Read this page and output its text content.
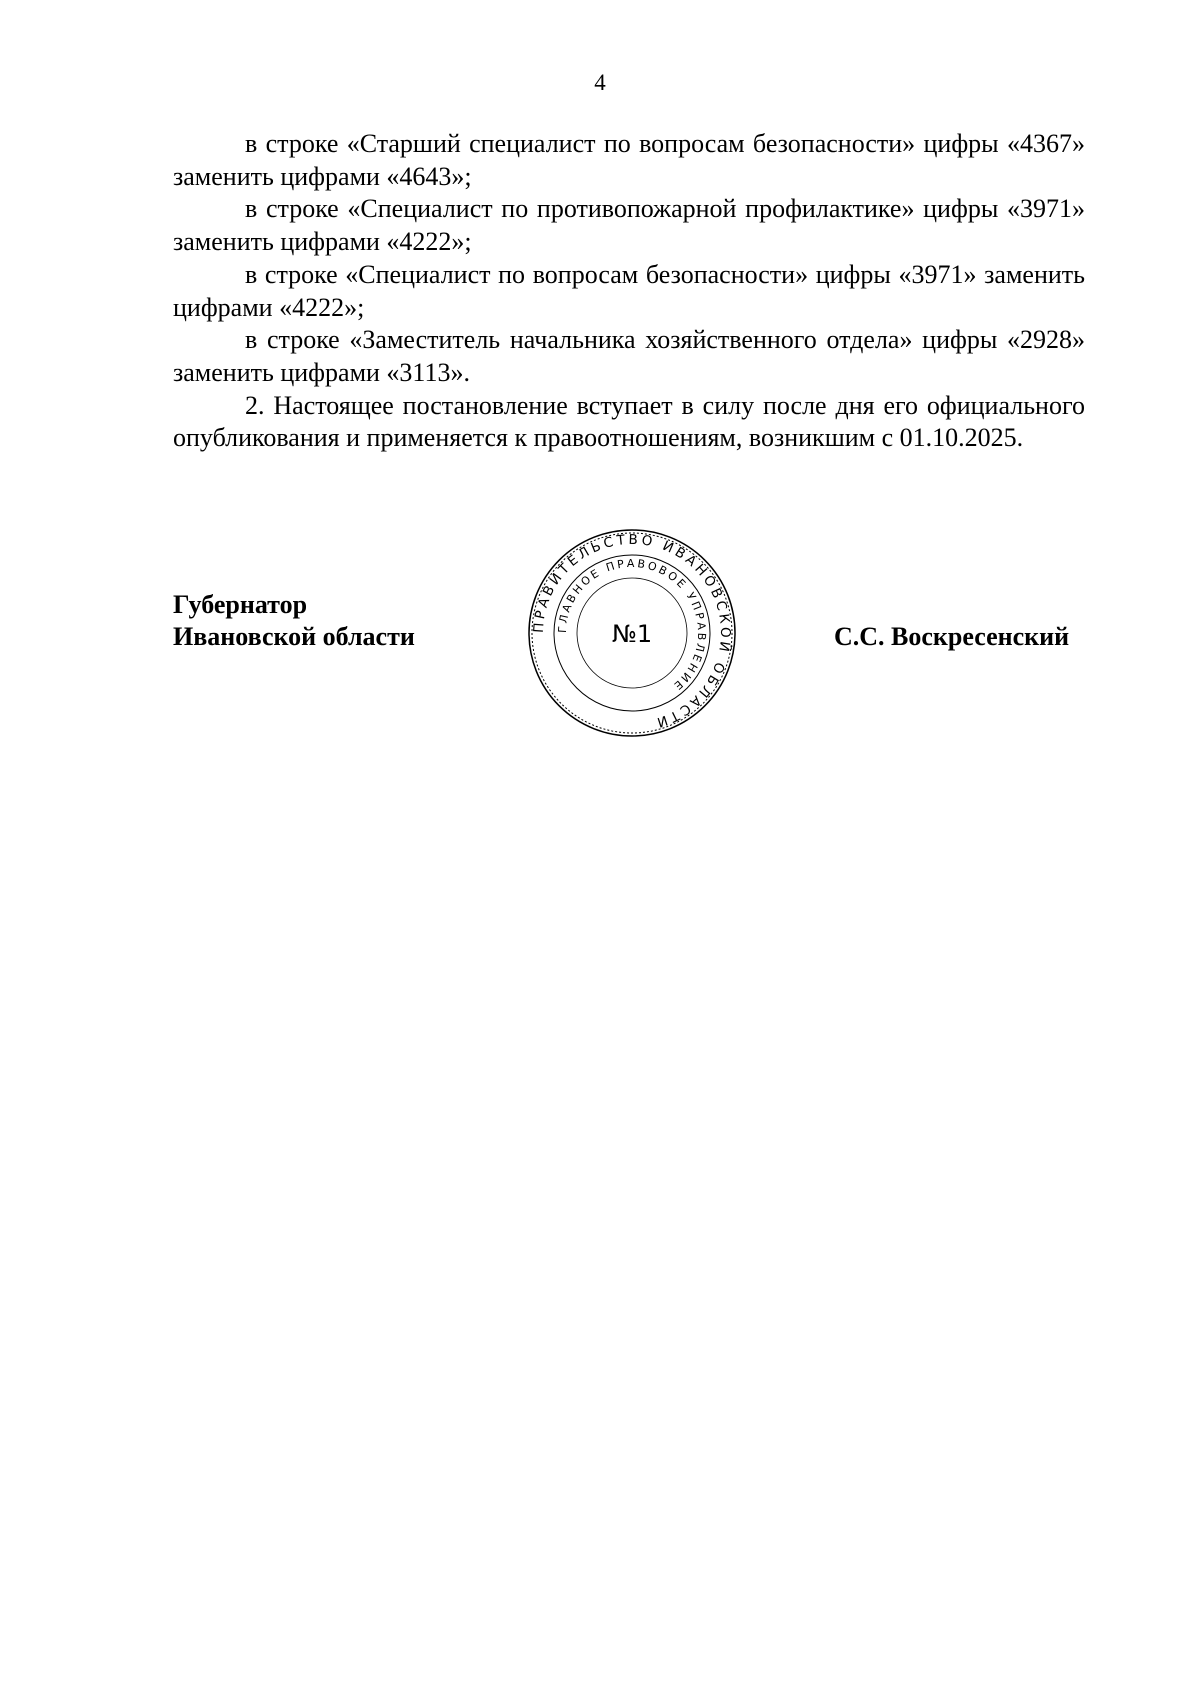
4

в строке «Старший специалист по вопросам безопасности» цифры «4367» заменить цифрами «4643»;

в строке «Специалист по противопожарной профилактике» цифры «3971» заменить цифрами «4222»;

в строке «Специалист по вопросам безопасности» цифры «3971» заменить цифрами «4222»;

в строке «Заместитель начальника хозяйственного отдела» цифры «2928» заменить цифрами «3113».

2. Настоящее постановление вступает в силу после дня его официального опубликования и применяется к правоотношениям, возникшим с 01.10.2025.

Губернатор
Ивановской области	С.С. Воскресенский
ПРАВИТЕЛЬСТВО ИВАНОВСКОЙ ОБЛАСТИ
ГЛАВНОЕ ПРАВОВОЕ УПРАВЛЕНИЕ
№1
